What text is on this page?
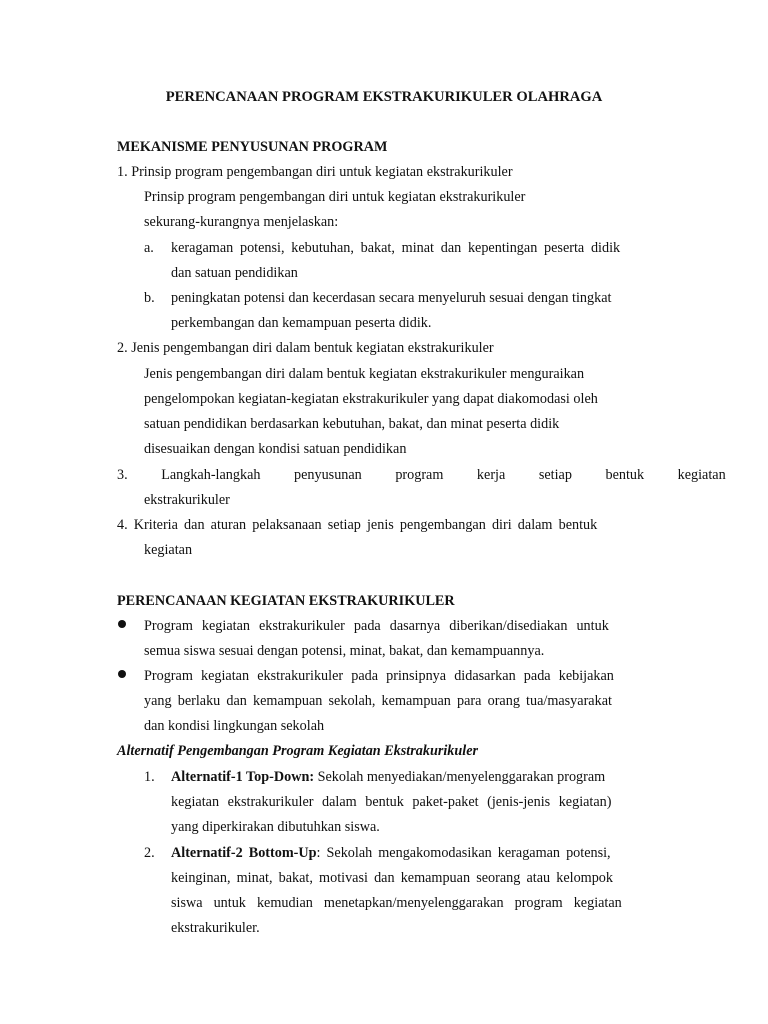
PERENCANAAN PROGRAM EKSTRAKURIKULER OLAHRAGA
MEKANISME PENYUSUNAN PROGRAM
1. Prinsip program pengembangan diri untuk kegiatan ekstrakurikuler
Prinsip program pengembangan diri untuk kegiatan ekstrakurikuler
sekurang-kurangnya menjelaskan:
a. keragaman potensi, kebutuhan, bakat, minat dan kepentingan peserta didik
dan satuan pendidikan
b. peningkatan potensi dan kecerdasan secara menyeluruh sesuai dengan tingkat
perkembangan dan kemampuan peserta didik.
2. Jenis pengembangan diri dalam bentuk kegiatan ekstrakurikuler
Jenis pengembangan diri dalam bentuk kegiatan ekstrakurikuler menguraikan
pengelompokan kegiatan-kegiatan ekstrakurikuler yang dapat diakomodasi oleh
satuan pendidikan berdasarkan kebutuhan, bakat, dan minat peserta didik
disesuaikan dengan kondisi satuan pendidikan
3. Langkah-langkah penyusunan program kerja setiap bentuk kegiatan
ekstrakurikuler
4. Kriteria dan aturan pelaksanaan setiap jenis pengembangan diri dalam bentuk
kegiatan
PERENCANAAN KEGIATAN EKSTRAKURIKULER
Program kegiatan ekstrakurikuler pada dasarnya diberikan/disediakan untuk
semua siswa sesuai dengan potensi, minat, bakat, dan kemampuannya.
Program kegiatan ekstrakurikuler pada prinsipnya didasarkan pada kebijakan
yang berlaku dan kemampuan sekolah, kemampuan para orang tua/masyarakat
dan kondisi lingkungan sekolah
Alternatif Pengembangan Program Kegiatan Ekstrakurikuler
1. Alternatif-1 Top-Down: Sekolah menyediakan/menyelenggarakan program
kegiatan ekstrakurikuler dalam bentuk paket-paket (jenis-jenis kegiatan)
yang diperkirakan dibutuhkan siswa.
2. Alternatif-2 Bottom-Up: Sekolah mengakomodasikan keragaman potensi,
keinginan, minat, bakat, motivasi dan kemampuan seorang atau kelompok
siswa untuk kemudian menetapkan/menyelenggarakan program kegiatan
ekstrakurikuler.
